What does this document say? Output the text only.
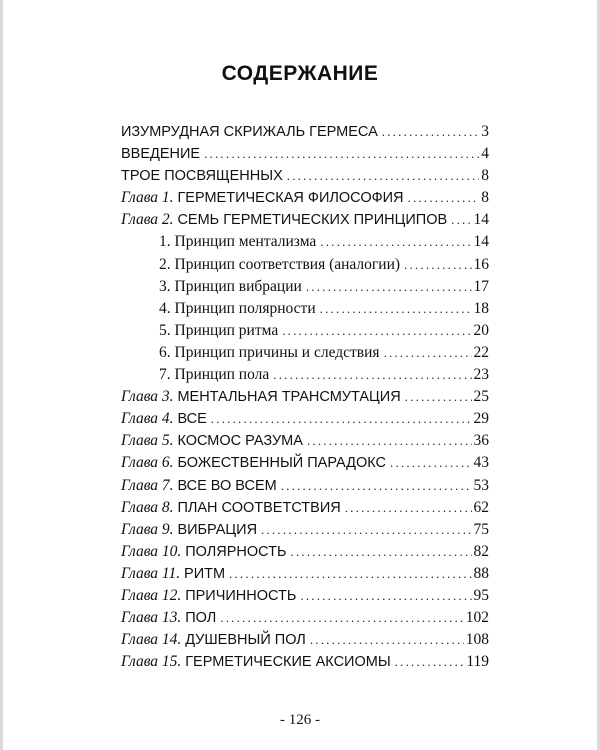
СОДЕРЖАНИЕ
ИЗУМРУДНАЯ СКРИЖАЛЬ ГЕРМЕСА .....	3
ВВЕДЕНИЕ .....	4
ТРОЕ ПОСВЯЩЕННЫХ .....	8
Глава 1. ГЕРМЕТИЧЕСКАЯ ФИЛОСОФИЯ .....	8
Глава 2. СЕМЬ ГЕРМЕТИЧЕСКИХ ПРИНЦИПОВ ..... 14
1. Принцип ментализма .....	14
2. Принцип соответствия (аналогии) .....	16
3. Принцип вибрации .....	17
4. Принцип полярности .....	18
5. Принцип ритма .....	20
6. Принцип причины и следствия .....	22
7. Принцип пола .....	23
Глава 3. МЕНТАЛЬНАЯ ТРАНСМУТАЦИЯ .....	25
Глава 4. ВСЕ .....	29
Глава 5. КОСМОС РАЗУМА .....	36
Глава 6. БОЖЕСТВЕННЫЙ ПАРАДОКС .....	43
Глава 7. ВСЕ ВО ВСЕМ .....	53
Глава 8. ПЛАН СООТВЕТСТВИЯ .....	62
Глава 9. ВИБРАЦИЯ .....	75
Глава 10. ПОЛЯРНОСТЬ .....	82
Глава 11. РИТМ .....	88
Глава 12. ПРИЧИННОСТЬ .....	95
Глава 13. ПОЛ .....	102
Глава 14. ДУШЕВНЫЙ ПОЛ .....	108
Глава 15. ГЕРМЕТИЧЕСКИЕ АКСИОМЫ .....	119
- 126 -
